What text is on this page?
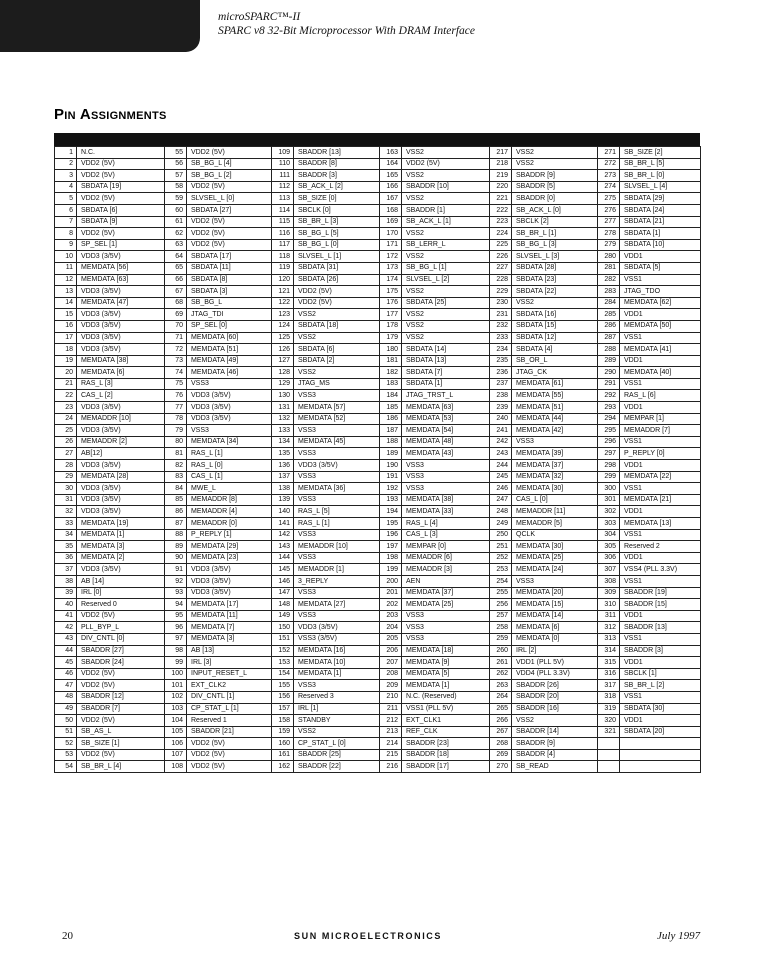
microSPARC™-II
SPARC v8 32-Bit Microprocessor With DRAM Interface
Pin Assignments
1	N.C.	55	VDD2 (5V)	109	SBADDR [13]	163	VSS2	217	VSS2	271	SB_SIZE [2]
2	VDD2 (5V)	56	SB_BG_L [4]	110	SBADDR [8]	164	VDD2 (5V)	218	VSS2	272	SB_BR_L [5]
3	VDD2 (5V)	57	SB_BG_L [2]	111	SBADDR [3]	165	VSS2	219	SBADDR [9]	273	SB_BR_L [0]
4	SBDATA [19]	58	VDD2 (5V)	112	SB_ACK_L [2]	166	SBADDR [10]	220	SBADDR [5]	274	SLVSEL_L [4]
5	VDD2 (5V)	59	SLVSEL_L [0]	113	SB_SIZE [0]	167	VSS2	221	SBADDR [0]	275	SBDATA [29]
6	SBDATA [6]	60	SBDATA [27]	114	SBCLK [0]	168	SBADDR [1]	222	SB_ACK_L [0]	276	SBDATA [24]
7	SBDATA [9]	61	VDD2 (5V)	115	SB_BR_L [3]	169	SB_ACK_L [1]	223	SBCLK [2]	277	SBDATA [21]
8	VDD2 (5V)	62	VDD2 (5V)	116	SB_BG_L [5]	170	VSS2	224	SB_BR_L [1]	278	SBDATA [1]
9	SP_SEL [1]	63	VDD2 (5V)	117	SB_BG_L [0]	171	SB_LERR_L	225	SB_BG_L [3]	279	SBDATA [10]
10	VDD3 (3/5V)	64	SBDATA [17]	118	SLVSEL_L [1]	172	VSS2	226	SLVSEL_L [3]	280	VDD1
11	MEMDATA [56]	65	SBDATA [11]	119	SBDATA [31]	173	SB_BG_L [1]	227	SBDATA [28]	281	SBDATA [5]
12	MEMDATA [63]	66	SBDATA [8]	120	SBDATA [26]	174	SLVSEL_L [2]	228	SBDATA [23]	282	VSS1
13	VDD3 (3/5V)	67	SBDATA [3]	121	VDD2 (5V)	175	VSS2	229	SBDATA [22]	283	JTAG_TDO
14	MEMDATA [47]	68	SB_BG_L	122	VDD2 (5V)	176	SBDATA [25]	230	VSS2	284	MEMDATA [62]
15	VDD3 (3/5V)	69	JTAG_TDI	123	VSS2	177	VSS2	231	SBDATA [16]	285	VDD1
16	VDD3 (3/5V)	70	SP_SEL [0]	124	SBDATA [18]	178	VSS2	232	SBDATA [15]	286	MEMDATA [50]
17	VDD3 (3/5V)	71	MEMDATA [60]	125	VSS2	179	VSS2	233	SBDATA [12]	287	VSS1
18	VDD3 (3/5V)	72	MEMDATA [51]	126	SBDATA [6]	180	SBDATA [14]	234	SBDATA [4]	288	MEMDATA [41]
19	MEMDATA [38]	73	MEMDATA [49]	127	SBDATA [2]	181	SBDATA [13]	235	SB_OR_L	289	VDD1
20	MEMDATA [6]	74	MEMDATA [46]	128	VSS2	182	SBDATA [7]	236	JTAG_CK	290	MEMDATA [40]
21	RAS_L [3]	75	VSS3	129	JTAG_MS	183	SBDATA [1]	237	MEMDATA [61]	291	VSS1
22	CAS_L [2]	76	VDD3 (3/5V)	130	VSS3	184	JTAG_TRST_L	238	MEMDATA [55]	292	RAS_L [6]
23	VDD3 (3/5V)	77	VDD3 (3/5V)	131	MEMDATA [57]	185	MEMDATA [63]	239	MEMDATA [51]	293	VDD1
24	MEMADDR [10]	78	VDD3 (3/5V)	132	MEMDATA [52]	186	MEMDATA [53]	240	MEMDATA [44]	294	MEMPAR [1]
25	VDD3 (3/5V)	79	VSS3	133	VSS3	187	MEMDATA [54]	241	MEMDATA [42]	295	MEMADDR [7]
26	MEMADDR [2]	80	MEMDATA [34]	134	MEMDATA [45]	188	MEMDATA [48]	242	VSS3	296	VSS1
27	AB[12]	81	RAS_L [1]	135	VSS3	189	MEMDATA [43]	243	MEMDATA [39]	297	P_REPLY [0]
28	VDD3 (3/5V)	82	RAS_L [0]	136	VDD3 (3/5V)	190	VSS3	244	MEMDATA [37]	298	VDD1
29	MEMDATA [28]	83	CAS_L [1]	137	VSS3	191	VSS3	245	MEMDATA [32]	299	MEMDATA [22]
30	VDD3 (3/5V)	84	MWE_L	138	MEMDATA [36]	192	VSS3	246	MEMDATA [30]	300	VSS1
31	VDD3 (3/5V)	85	MEMADDR [8]	139	VSS3	193	MEMDATA [38]	247	CAS_L [0]	301	MEMDATA [21]
32	VDD3 (3/5V)	86	MEMADDR [4]	140	RAS_L [5]	194	MEMDATA [33]	248	MEMADDR [11]	302	VDD1
33	MEMDATA [19]	87	MEMADDR [0]	141	RAS_L [1]	195	RAS_L [4]	249	MEMADDR [5]	303	MEMDATA [13]
34	MEMDATA [1]	88	P_REPLY [1]	142	VSS3	196	CAS_L [3]	250	QCLK	304	VSS1
35	MEMDATA [3]	89	MEMDATA [29]	143	MEMADDR [10]	197	MEMPAR [0]	251	MEMDATA [30]	305	Reserved 2
36	MEMDATA [2]	90	MEMDATA [23]	144	VSS3	198	MEMADDR [6]	252	MEMDATA [25]	306	VDD1
37	VDD3 (3/5V)	91	VDD3 (3/5V)	145	MEMADDR [1]	199	MEMADDR [3]	253	MEMDATA [24]	307	VSS4 (PLL 3.3V)
38	AB [14]	92	VDD3 (3/5V)	146	3_REPLY	200	AEN	254	VSS3	308	VSS1
39	IRL [0]	93	VDD3 (3/5V)	147	VSS3	201	MEMDATA [37]	255	MEMDATA [20]	309	SBADDR [19]
40	Reserved 0	94	MEMDATA [17]	148	MEMDATA [27]	202	MEMDATA [25]	256	MEMDATA [15]	310	SBADDR [15]
41	VDD2 (5V)	95	MEMDATA [11]	149	VSS3	203	VSS3	257	MEMDATA [14]	311	VDD1
42	PLL_BYP_L	96	MEMDATA [7]	150	VDD3 (3/5V)	204	VSS3	258	MEMDATA [6]	312	SBADDR [13]
43	DIV_CNTL [0]	97	MEMDATA [3]	151	VSS3 (3/5V)	205	VSS3	259	MEMDATA [0]	313	VSS1
44	SBADDR [27]	98	AB [13]	152	MEMDATA [16]	206	MEMDATA [18]	260	IRL [2]	314	SBADDR [3]
45	SBADDR [24]	99	IRL [3]	153	MEMDATA [10]	207	MEMDATA [9]	261	VDD1 (PLL 5V)	315	VDD1
46	VDD2 (5V)	100	INPUT_RESET_L	154	MEMDATA [1]	208	MEMDATA [5]	262	VDD4 (PLL 3.3V)	316	SBCLK [1]
47	VDD2 (5V)	101	EXT_CLK2	155	VSS3	209	MEMDATA [1]	263	SBADDR [26]	317	SB_BR_L [2]
48	SBADDR [12]	102	DIV_CNTL [1]	156	Reserved 3	210	N.C. (Reserved)	264	SBADDR [20]	318	VSS1
49	SBADDR [7]	103	CP_STAT_L [1]	157	IRL [1]	211	VSS1 (PLL 5V)	265	SBADDR [16]	319	SBDATA [30]
50	VDD2 (5V)	104	Reserved 1	158	STANDBY	212	EXT_CLK1	266	VSS2	320	VDD1
51	SB_AS_L	105	SBADDR [21]	159	VSS2	213	REF_CLK	267	SBADDR [14]	321	SBDATA [20]
52	SB_SIZE [1]	106	VDD2 (5V)	160	CP_STAT_L [0]	214	SBADDR [23]	268	SBADDR [9]		
53	VDD2 (5V)	107	VDD2 (5V)	161	SBADDR [25]	215	SBADDR [18]	269	SBADDR [4]		
54	SB_BR_L [4]	108	VDD2 (5V)	162	SBADDR [22]	216	SBADDR [17]	270	SB_READ		
20	SUN MICROELECTRONICS	July 1997
